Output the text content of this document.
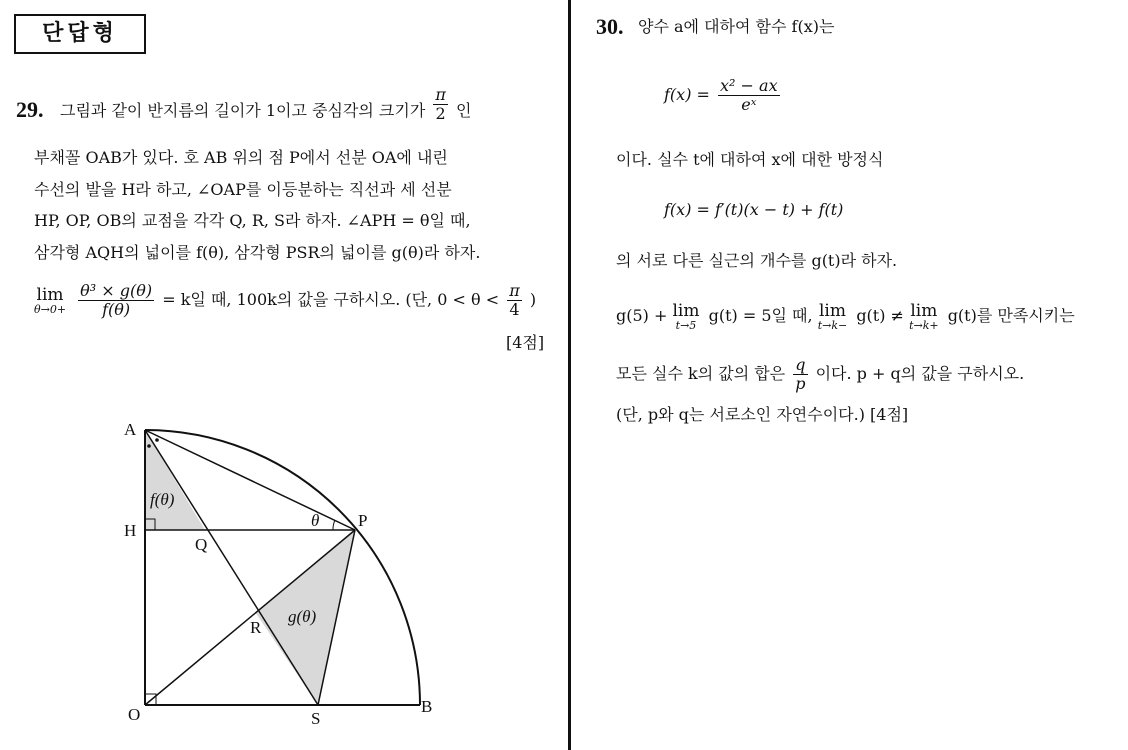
단답형
29. 그림과 같이 반지름의 길이가 1이고 중심각의 크기가 $\frac{\pi}{2}$ 인
부채꼴 OAB가 있다. 호 AB 위의 점 P에서 선분 OA에 내린
수선의 발을 H라 하고, ∠OAP를 이등분하는 직선과 세 선분
HP, OP, OB의 교점을 각각 Q, R, S라 하자. ∠APH = θ일 때,
삼각형 AQH의 넓이를 f(θ), 삼각형 PSR의 넓이를 g(θ)라 하자.
lim
θ→0+
$\frac{\text{θ³ × g(θ)}}{f(\theta)} = k$일 때, 100k의 값을 구하시오. (단, $0 < \theta < \frac{\pi}{4}$ )
[4점]
A
H
O
Q
R
S
P
B
f(θ)
g(θ)
θ
30. 양수 a에 대하여 함수 f(x)는
$f(x) = \frac{\text{x² − ax}}{\text{eˣ}}$
이다. 실수 t에 대하여 x에 대한 방정식
f(x) = f′(t)(x − t) + f(t)
의 서로 다른 실근의 개수를 g(t)라 하자.
g(5) + lim
t→5 g(t) = 5일 때, lim
t→k− g(t) ≠ lim
t→k+ g(t)를 만족시키는
모든 실수 k의 값의 합은 $\frac{q}{p}$ 이다. p + q의 값을 구하시오.
(단, p와 q는 서로소인 자연수이다.) [4점]
